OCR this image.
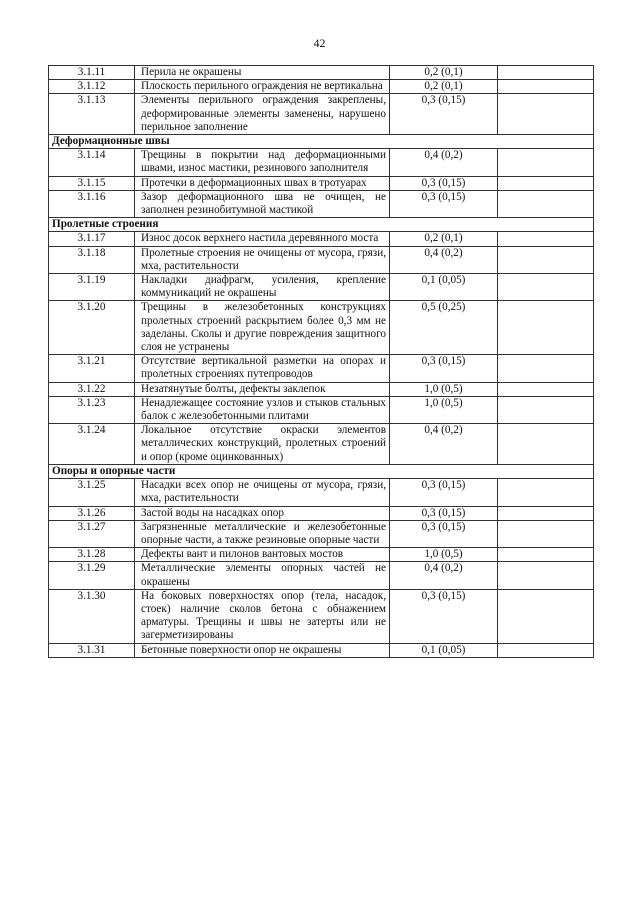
42
3.1.11	Перила не окрашены	0,2 (0,1)	
3.1.12	Плоскость перильного ограждения не вертикальна	0,2 (0,1)	
3.1.13	Элементы перильного ограждения закреплены, деформированные элементы заменены, нарушено перильное заполнение	0,3 (0,15)	
Деформационные швы			
3.1.14	Трещины в покрытии над деформационными швами, износ мастики, резинового заполнителя	0,4 (0,2)	
3.1.15	Протечки в деформационных швах в тротуарах	0,3 (0,15)	
3.1.16	Зазор деформационного шва не очищен, не заполнен резинобитумной мастикой	0,3 (0,15)	
Пролетные строения			
3.1.17	Износ досок верхнего настила деревянного моста	0,2 (0,1)	
3.1.18	Пролетные строения не очищены от мусора, грязи, мха, растительности	0,4 (0,2)	
3.1.19	Накладки диафрагм, усиления, крепление коммуникаций не окрашены	0,1 (0,05)	
3.1.20	Трещины в железобетонных конструкциях пролетных строений раскрытием более 0,3 мм не заделаны. Сколы и другие повреждения защитного слоя не устранены	0,5 (0,25)	
3.1.21	Отсутствие вертикальной разметки на опорах и пролетных строениях путепроводов	0,3 (0,15)	
3.1.22	Незатянутые болты, дефекты заклепок	1,0 (0,5)	
3.1.23	Ненадлежащее состояние узлов и стыков стальных балок с железобетонными плитами	1,0 (0,5)	
3.1.24	Локальное отсутствие окраски элементов металлических конструкций, пролетных строений и опор (кроме оцинкованных)	0,4 (0,2)	
Опоры и опорные части			
3.1.25	Насадки всех опор не очищены от мусора, грязи, мха, растительности	0,3 (0,15)	
3.1.26	Застой воды на насадках опор	0,3 (0,15)	
3.1.27	Загрязненные металлические и железобетонные опорные части, а также резиновые опорные части	0,3 (0,15)	
3.1.28	Дефекты вант и пилонов вантовых мостов	1,0 (0,5)	
3.1.29	Металлические элементы опорных частей не окрашены	0,4 (0,2)	
3.1.30	На боковых поверхностях опор (тела, насадок, стоек) наличие сколов бетона с обнажением арматуры. Трещины и швы не затерты или не загерметизированы	0,3 (0,15)	
3.1.31	Бетонные поверхности опор не окрашены	0,1 (0,05)	
